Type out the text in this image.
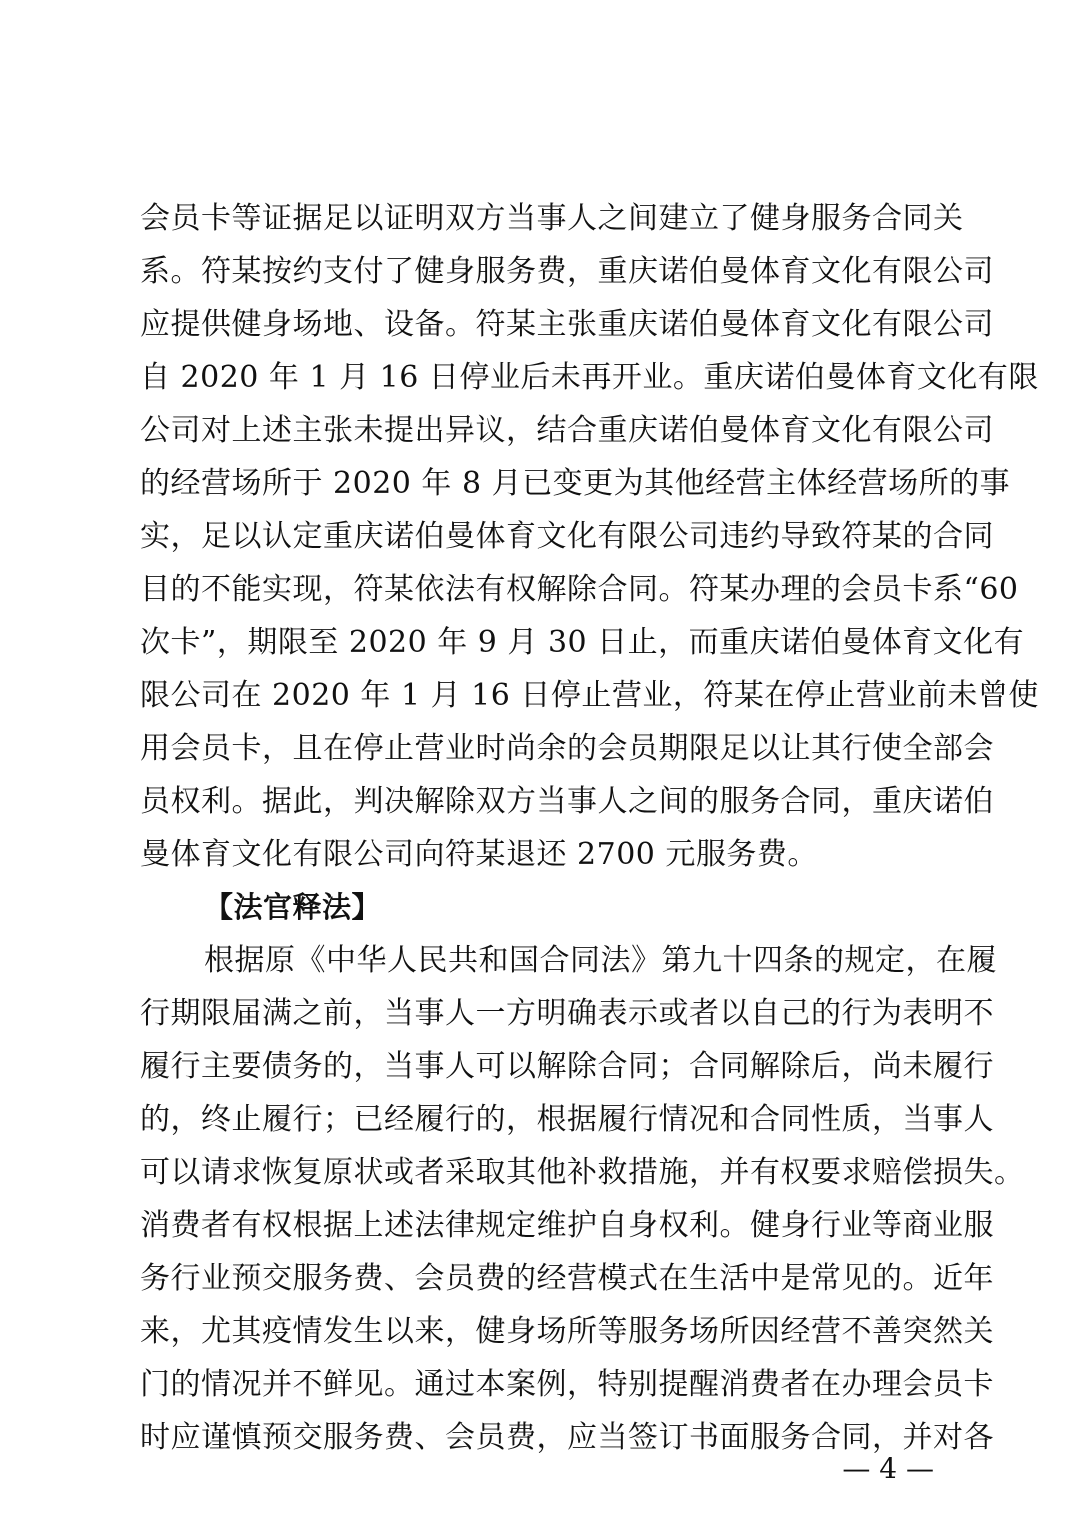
会员卡等证据足以证明双方当事人之间建立了健身服务合同关
系。符某按约支付了健身服务费，重庆诺伯曼体育文化有限公司
应提供健身场地、设备。符某主张重庆诺伯曼体育文化有限公司
自 2020 年 1 月 16 日停业后未再开业。重庆诺伯曼体育文化有限
公司对上述主张未提出异议，结合重庆诺伯曼体育文化有限公司
的经营场所于 2020 年 8 月已变更为其他经营主体经营场所的事
实，足以认定重庆诺伯曼体育文化有限公司违约导致符某的合同
目的不能实现，符某依法有权解除合同。符某办理的会员卡系“60
次卡”，期限至 2020 年 9 月 30 日止，而重庆诺伯曼体育文化有
限公司在 2020 年 1 月 16 日停止营业，符某在停止营业前未曾使
用会员卡，且在停止营业时尚余的会员期限足以让其行使全部会
员权利。据此，判决解除双方当事人之间的服务合同，重庆诺伯
曼体育文化有限公司向符某退还 2700 元服务费。
【法官释法】
根据原《中华人民共和国合同法》第九十四条的规定，在履
行期限届满之前，当事人一方明确表示或者以自己的行为表明不
履行主要债务的，当事人可以解除合同；合同解除后，尚未履行
的，终止履行；已经履行的，根据履行情况和合同性质，当事人
可以请求恢复原状或者采取其他补救措施，并有权要求赔偿损失。
消费者有权根据上述法律规定维护自身权利。健身行业等商业服
务行业预交服务费、会员费的经营模式在生活中是常见的。近年
来，尤其疫情发生以来，健身场所等服务场所因经营不善突然关
门的情况并不鲜见。通过本案例，特别提醒消费者在办理会员卡
时应谨慎预交服务费、会员费，应当签订书面服务合同，并对各
— 4 —
